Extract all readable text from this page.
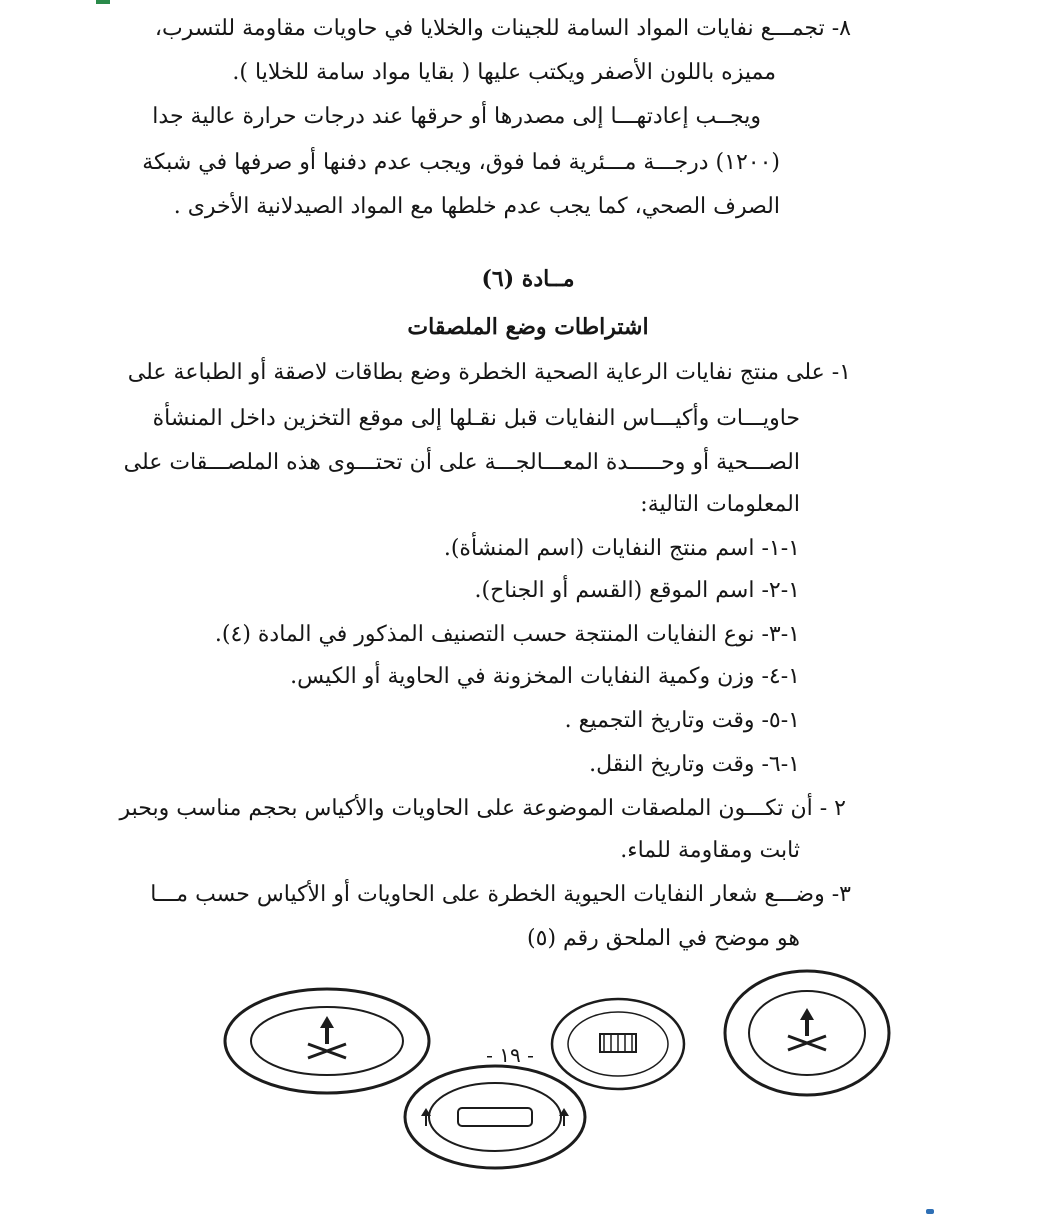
٨- تجمـــع نفايات المواد السامة للجينات والخلايا في حاويات مقاومة للتسرب،
مميزه باللون الأصفر ويكتب عليها ( بقايا مواد سامة للخلايا ).
ويجــب إعادتهـــا إلى مصدرها أو حرقها عند درجات حرارة عالية جدا
(١٢٠٠) درجـــة مـــئرية فما فوق، ويجب عدم دفنها أو صرفها في شبكة
الصرف الصحي، كما يجب عدم خلطها مع المواد الصيدلانية الأخرى .
مــادة (٦)
اشتراطات وضع الملصقات
١- على منتج نفايات الرعاية الصحية الخطرة وضع بطاقات لاصقة أو الطباعة على
حاويـــات وأكيـــاس النفايات قبل نقـلها إلى موقع التخزين داخل المنشأة
الصـــحية أو وحـــــدة المعـــالجـــة على أن تحتـــوى هذه الملصـــقات على
المعلومات التالية:
١-١- اسم منتج النفايات (اسم المنشأة).
١-٢- اسم الموقع (القسم أو الجناح).
١-٣- نوع النفايات المنتجة حسب التصنيف المذكور في المادة (٤).
١-٤- وزن وكمية النفايات المخزونة في الحاوية أو الكيس.
١-٥- وقت وتاريخ التجميع .
١-٦- وقت وتاريخ النقل.
٢ - أن تكـــون الملصقات الموضوعة على الحاويات والأكياس بحجم مناسب وبحبر
ثابت ومقاومة للماء.
٣- وضـــع شعار النفايات الحيوية الخطرة على الحاويات أو الأكياس حسب مـــا
هو موضح في الملحق رقم (٥)
- ١٩ -
